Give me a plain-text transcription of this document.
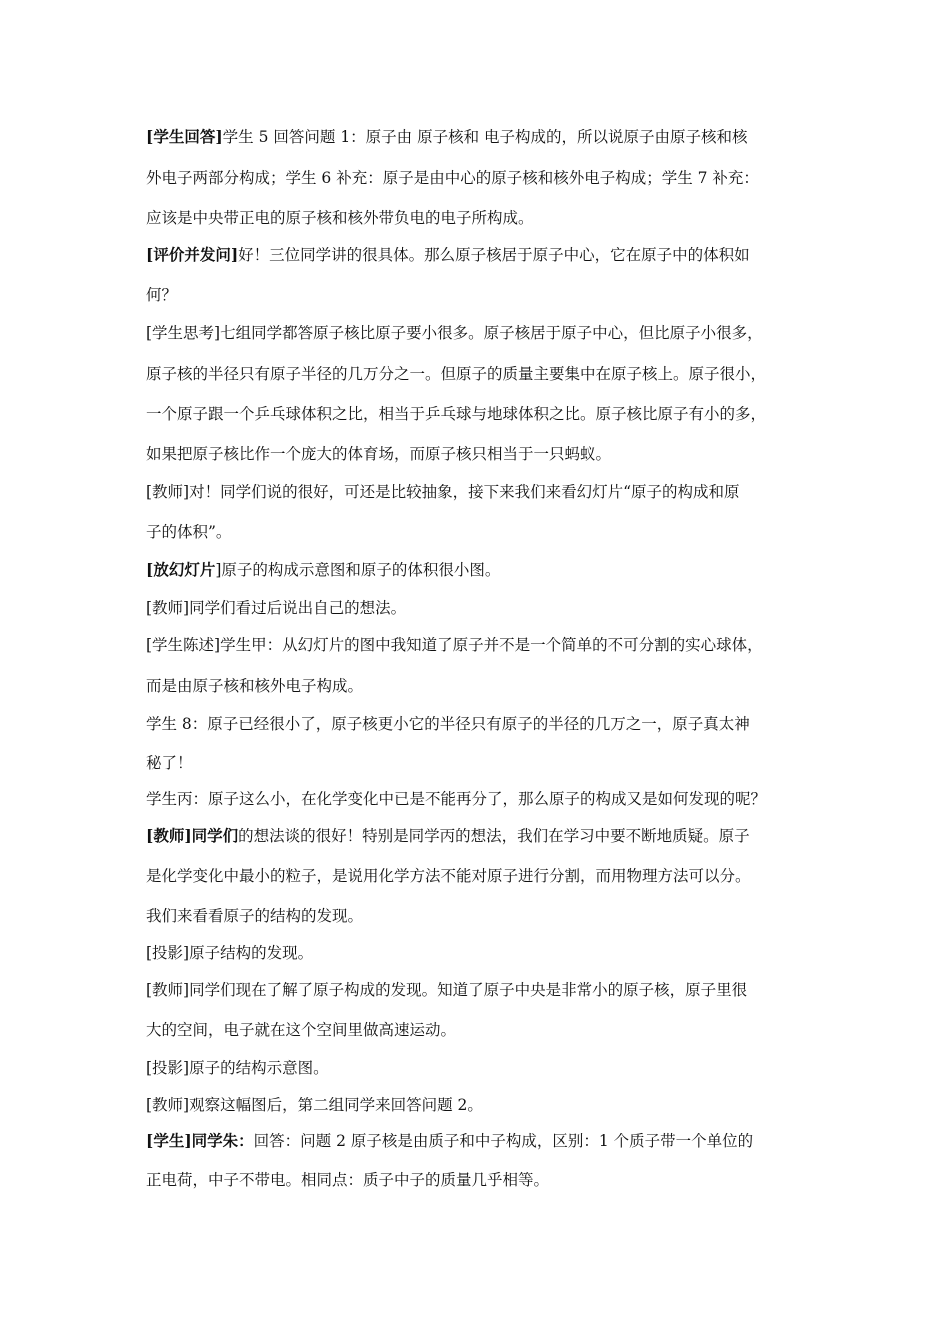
[学生回答]学生 5 回答问题 1：原子由 原子核和 电子构成的，所以说原子由原子核和核
外电子两部分构成；学生 6 补充：原子是由中心的原子核和核外电子构成；学生 7 补充：
应该是中央带正电的原子核和核外带负电的电子所构成。
[评价并发问]好！三位同学讲的很具体。那么原子核居于原子中心，它在原子中的体积如
何？
[学生思考]七组同学都答原子核比原子要小很多。原子核居于原子中心，但比原子小很多，
原子核的半径只有原子半径的几万分之一。但原子的质量主要集中在原子核上。原子很小，
一个原子跟一个乒乓球体积之比，相当于乒乓球与地球体积之比。原子核比原子有小的多，
如果把原子核比作一个庞大的体育场，而原子核只相当于一只蚂蚁。
[教师]对！同学们说的很好，可还是比较抽象，接下来我们来看幻灯片“原子的构成和原
子的体积”。
[放幻灯片]原子的构成示意图和原子的体积很小图。
[教师]同学们看过后说出自己的想法。
[学生陈述]学生甲：从幻灯片的图中我知道了原子并不是一个简单的不可分割的实心球体，
而是由原子核和核外电子构成。
学生 8：原子已经很小了，原子核更小它的半径只有原子的半径的几万之一，原子真太神
秘了！
学生丙：原子这么小，在化学变化中已是不能再分了，那么原子的构成又是如何发现的呢？
[教师]同学们的想法谈的很好！特别是同学丙的想法，我们在学习中要不断地质疑。原子
是化学变化中最小的粒子，是说用化学方法不能对原子进行分割，而用物理方法可以分。
我们来看看原子的结构的发现。
[投影]原子结构的发现。
[教师]同学们现在了解了原子构成的发现。知道了原子中央是非常小的原子核，原子里很
大的空间，电子就在这个空间里做高速运动。
[投影]原子的结构示意图。
[教师]观察这幅图后，第二组同学来回答问题 2。
[学生]同学朱：回答：问题 2 原子核是由质子和中子构成，区别：1 个质子带一个单位的
正电荷，中子不带电。相同点：质子中子的质量几乎相等。
